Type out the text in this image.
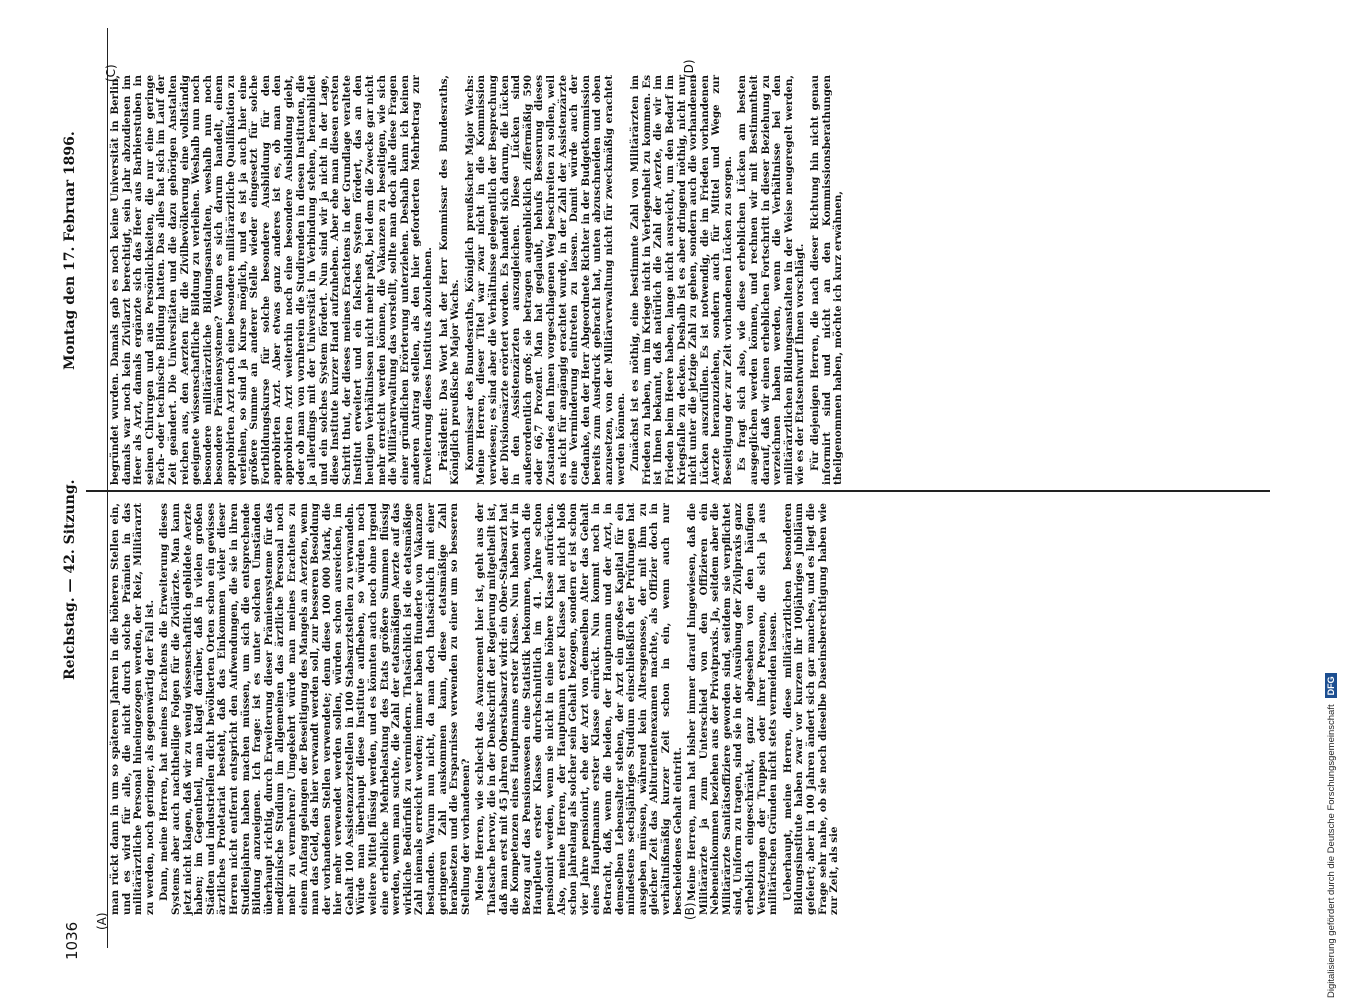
1036
Reichstag. — 42. Sitzung.
Montag den 17. Februar 1896.
(A)
(B)
(C)	(D)

man rückt dann in um so späteren Jahren in die höheren Stellen ein, und es wird für alle, die nicht durch solche Prämien in das militärärztliche Personal hineingezogen werden, der Reiz, Militärarzt zu werden, noch geringer, als gegenwärtig der Fall ist. Dann, meine Herren, hat meines Erachtens die Erweiterung dieses Systems aber auch nachtheilige Folgen für die Zivilärzte. Man kann jetzt nicht klagen, daß wir zu wenig wissenschaftlich gebildete Aerzte haben; im Gegentheil, man klagt darüber, daß in vielen großen Städten und industriellen dicht bevölkerten Orten schon ein gewisses ärztliches Proletariat besteht, daß das Einkommen vieler dieser Herren nicht entfernt entspricht den Aufwendungen, die sie in ihren Studienjahren haben machen müssen, um sich die entsprechende Bildung anzueignen. Ich frage: ist es unter solchen Umständen überhaupt richtig, durch Erweiterung dieser Prämiensysteme für das medizinische Studium im allgemeinen das ärztliche Personal noch mehr zu vermehren? Umgekehrt würde man meines Erachtens zu einem Anfang gelangen der Beseitigung des Mangels an Aerzten, wenn man das Geld, das hier verwandt werden soll, zur besseren Besoldung der vorhandenen Stellen verwendete; denn diese 100 000 Mark, die hier mehr verwendet werden sollen, würden schon ausreichen, im Gehalt 100 Assistenzarztstellen in 100 Stabsarztstellen zu verwandeln. Würde man überhaupt diese Institute aufheben, so würden noch weitere Mittel flüssig werden, und es könnten auch noch ohne irgend eine erhebliche Mehrbelastung des Etats größere Summen flüssig werden, wenn man suchte, die Zahl der etatsmäßigen Aerzte auf das wirkliche Bedürfniß zu vermindern. Thatsächlich ist die etatsmäßige Zahl niemals erreicht worden; immer haben Hunderte von Vakanzen bestanden. Warum nun nicht, da man doch thatsächlich mit einer geringeren Zahl auskommen kann, diese etatsmäßige Zahl herabsetzen und die Ersparnisse verwenden zu einer um so besseren Stellung der vorhandenen? Meine Herren, wie schlecht das Avancement hier ist, geht aus der Thatsache hervor, die in der Denkschrift der Regierung mitgetheilt ist, daß man erst mit 45 Jahren Oberstabsarzt wird: ein Ober-Stabsarzt hat die Kompetenzen eines Hauptmanns erster Klasse. Nun haben wir in Bezug auf das Pensionswesen eine Statistik bekommen, wonach die Hauptleute erster Klasse durchschnittlich im 41. Jahre schon pensionirt werden, wenn sie nicht in eine höhere Klasse aufrücken. Also, meine Herren, der Hauptmann erster Klasse hat nicht bloß schon jahrelang als solcher sein Gehalt bezogen, sondern er ist schon vier Jahre pensionirt, ehe der Arzt von demselben Alter das Gehalt eines Hauptmanns erster Klasse einrückt. Nun kommt noch in Betracht, daß, wenn die beiden, der Hauptmann und der Arzt, in demselben Lebensalter stehen, der Arzt ein großes Kapital für ein mindestens sechsjähriges Studium einschließlich der Prüfungen hat ausgeben müssen, während kein Altersgenosse, der mit ihm zu gleicher Zeit das Abiturientenexamen machte, als Offizier doch in verhältnißmäßig kurzer Zeit schon in ein, wenn auch nur bescheidenes Gehalt eintritt. Meine Herren, man hat bisher immer darauf hingewiesen, daß die Militärärzte ja zum Unterschied von den Offizieren ein Nebeneinkommen beziehen aus der Privatpraxis. Ja, seitdem aber die Militärärzte Sanitätsoffiziere geworden sind, seitdem sie verpflichtet sind, Uniform zu tragen, sind sie in der Ausübung der Zivilpraxis ganz erheblich eingeschränkt, ganz abgesehen von den häufigen Versetzungen der Truppen oder ihrer Personen, die sich ja aus militärischen Gründen nicht stets vermeiden lassen. Ueberhaupt, meine Herren, diese militärärztlichen besonderen Bildungsinstitute haben zwar vor kurzem ihr 100jähriges Jubiläum gefeiert; aber in 100 Jahren ändert sich gar manches, und es liegt die Frage sehr nahe, ob sie noch dieselbe Daseinsberechtigung haben wie zur Zeit, als sie

begründet wurden. Damals gab es noch keine Universität in Berlin, damals war noch kein Zivilarzt berechtigt, sein Jahr abzudienen im Heer als Arzt, damals ergänzte sich das Heer aus Barbierstuben in seinen Chirurgen und aus Persönlichkeiten, die nur eine geringe Fach- oder technische Bildung hatten. Das alles hat sich im Lauf der Zeit geändert. Die Universitäten und die dazu gehörigen Anstalten reichen aus, den Aerzten für die Zivilbevölkerung eine vollständig geeignete wissenschaftliche Bildung zu verleihen. Weshalb nun noch besondere militärärztliche Bildungsanstalten, weshalb nun noch besondere Prämiensysteme? Wenn es sich darum handelt, einem approbirten Arzt noch eine besondere militärärztliche Qualifikation zu verleihen, so sind ja Kurse möglich, und es ist ja auch hier eine größere Summe an anderer Stelle wieder eingesetzt für solche Fortbildungskurse für solche besondere Ausbildung für den approbirten Arzt. Aber etwas ganz anderes ist es, ob man den approbirten Arzt weiterhin noch eine besondere Ausbildung giebt, oder ob man von vornherein die Studirenden in diesen Instituten, die ja allerdings mit der Universität in Verbindung stehen, heranbildet und ein solches System fördert. Nun sind wir ja nicht in der Lage, diese Institute kurzer Hand aufzuheben. Aber ehe man diesen ersten Schritt thut, der dieses meines Erachtens in der Grundlage veraltete Institut erweitert und ein falsches System fördert, das an den heutigen Verhältnissen nicht mehr paßt, bei dem die Zwecke gar nicht mehr erreicht werden können, die Vakanzen zu beseitigen, wie sich die Militärverwaltung das vorstellt, sollte man doch alle diese Fragen einer gründlichen Erörterung unterziehen. Deshalb kann ich keinen anderen Antrag stellen, als den hier geforderten Mehrbetrag zur Erweiterung dieses Instituts abzulehnen. Präsident: Das Wort hat der Herr Kommissar des Bundesraths, Königlich preußische Major Wachs. Kommissar des Bundesraths, Königlich preußischer Major Wachs: Meine Herren, dieser Titel war zwar nicht in die Kommission verwiesen; es sind aber die Verhältnisse gelegentlich der Besprechung der Divisionsärzte erörtert worden. Es handelt sich darum, die Lücken in den Assistenzärzten auszugleichen. Diese Lücken sind außerordentlich groß; sie betragen augenblicklich ziffermäßig 590 oder 66,7 Prozent. Man hat geglaubt, behufs Besserung dieses Zustandes den Ihnen vorgeschlagenen Weg beschreiten zu sollen, weil es nicht für angängig erachtet wurde, in der Zahl der Assistenzärzte eine Verminderung eintreten zu lassen. Damit würde auch der Gedanke, den der Herr Abgeordnete Richter in der Budgetkommission bereits zum Ausdruck gebracht hat, unten abzuschneiden und oben anzusetzen, von der Militärverwaltung nicht für zweckmäßig erachtet werden können. Zunächst ist es nöthig, eine bestimmte Zahl von Militärärzten im Frieden zu haben, um im Kriege nicht in Verlegenheit zu kommen. Es ist Ihnen bekannt, daß natürlich die Zahl der Aerzte, die wir im Frieden beim Heere haben, lange nicht ausreicht, um den Bedarf im Kriegsfalle zu decken. Deshalb ist es aber dringend nöthig, nicht nur nicht unter die jetzige Zahl zu gehen, sondern auch die vorhandenen Lücken auszufüllen. Es ist notwendig, die im Frieden vorhandenen Aerzte heranzuziehen, sondern auch für Mittel und Wege zur Beseitigung der zur Zeit vorhandenen Lücken zu sorgen. Es fragt sich also, wie diese erheblichen Lücken am besten ausgeglichen werden können, und rechnen wir mit Bestimmtheit darauf, daß wir einen erheblichen Fortschritt in dieser Beziehung zu verzeichnen haben werden, wenn die Verhältnisse bei den militärärztlichen Bildungsanstalten in der Weise neugeregelt werden, wie es der Etatsentwurf Ihnen vorschlägt. Für diejenigen Herren, die nach dieser Richtung hin nicht genau informirt sind und nicht an den Kommissionsberathungen theilgenommen haben, möchte ich kurz erwähnen,

Digitalisierung gefördert durch die Deutsche ForschungsgemeinschaftDFG
